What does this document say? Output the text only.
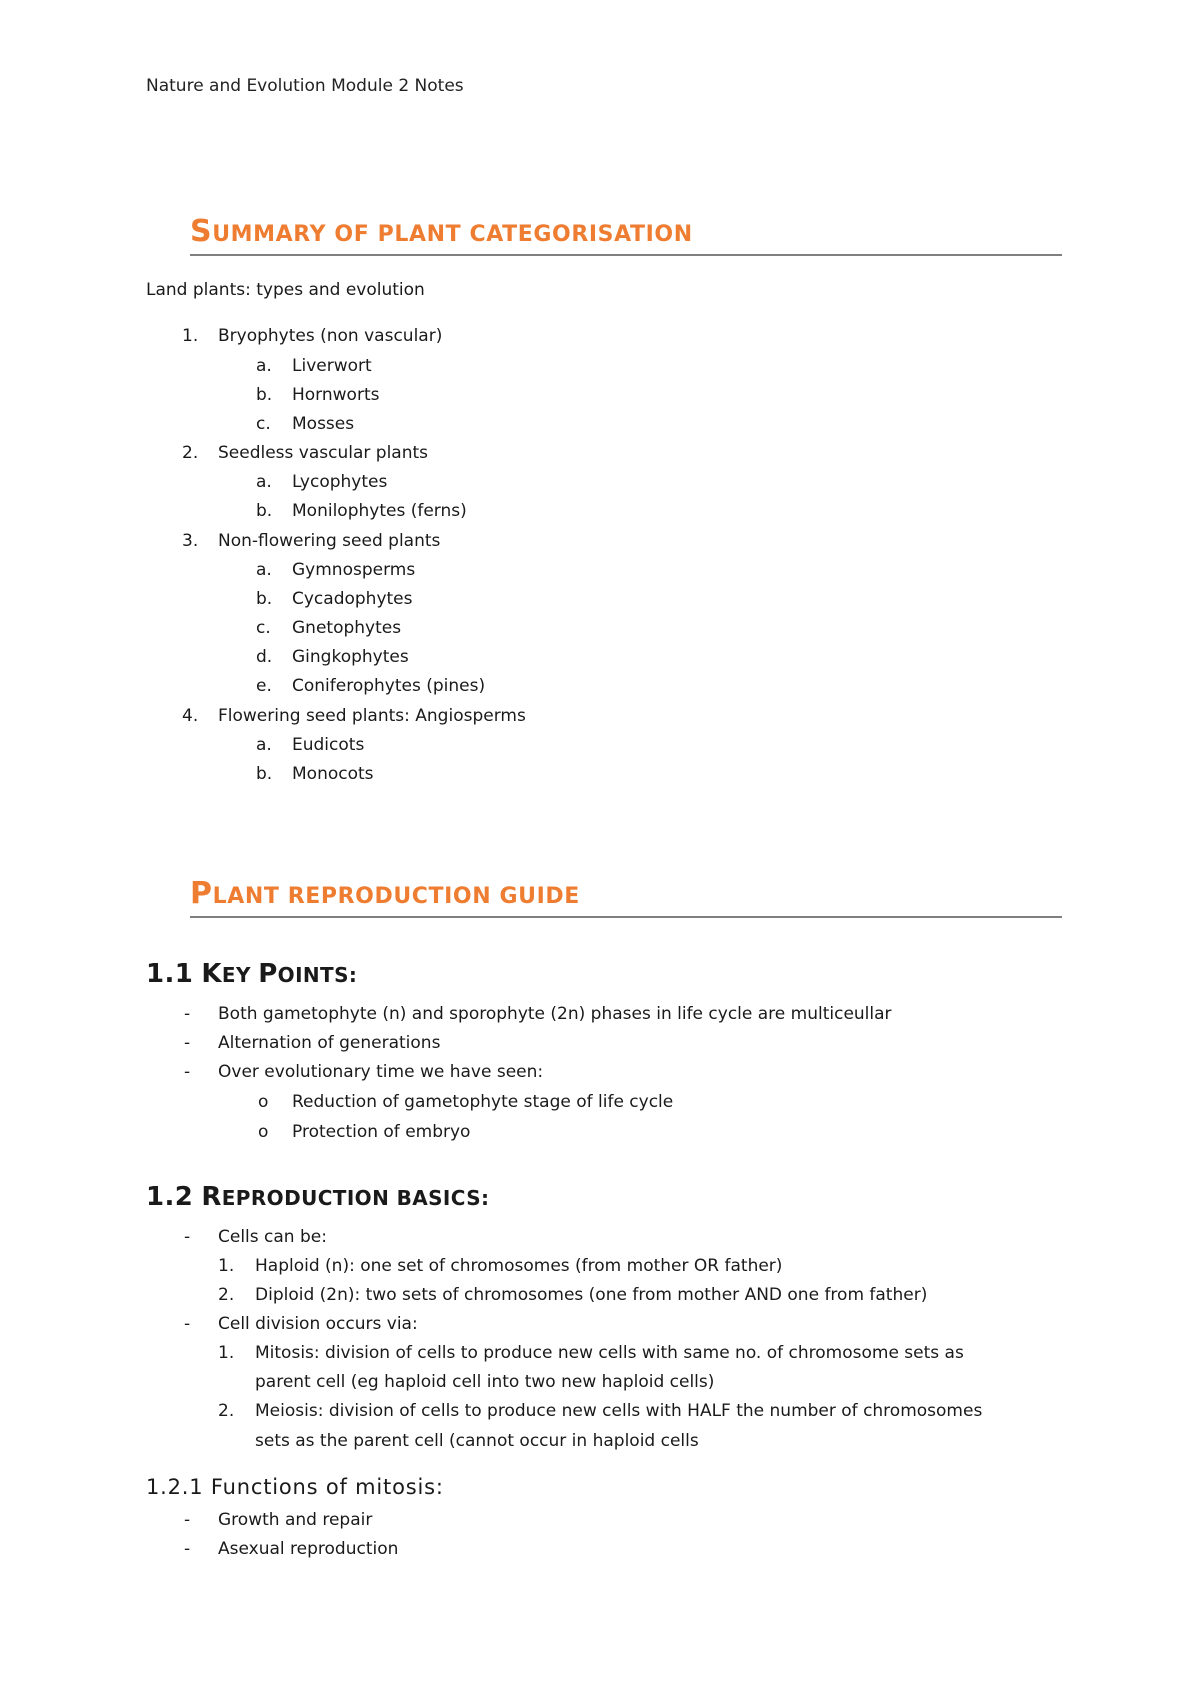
Nature and Evolution Module 2 Notes
SUMMARY OF PLANT CATEGORISATION
Land plants: types and evolution
1. Bryophytes (non vascular)
a. Liverwort
b. Hornworts
c. Mosses
2. Seedless vascular plants
a. Lycophytes
b. Monilophytes (ferns)
3. Non-flowering seed plants
a. Gymnosperms
b. Cycadophytes
c. Gnetophytes
d. Gingkophytes
e. Coniferophytes (pines)
4. Flowering seed plants: Angiosperms
a. Eudicots
b. Monocots
PLANT REPRODUCTION GUIDE
1.1 KEY POINTS:
- Both gametophyte (n) and sporophyte (2n) phases in life cycle are multiceullar
- Alternation of generations
- Over evolutionary time we have seen:
o Reduction of gametophyte stage of life cycle
o Protection of embryo
1.2 REPRODUCTION BASICS:
- Cells can be:
1. Haploid (n): one set of chromosomes (from mother OR father)
2. Diploid (2n): two sets of chromosomes (one from mother AND one from father)
- Cell division occurs via:
1. Mitosis: division of cells to produce new cells with same no. of chromosome sets as
parent cell (eg haploid cell into two new haploid cells)
2. Meiosis: division of cells to produce new cells with HALF the number of chromosomes
sets as the parent cell (cannot occur in haploid cells
1.2.1 Functions of mitosis:
- Growth and repair
- Asexual reproduction
